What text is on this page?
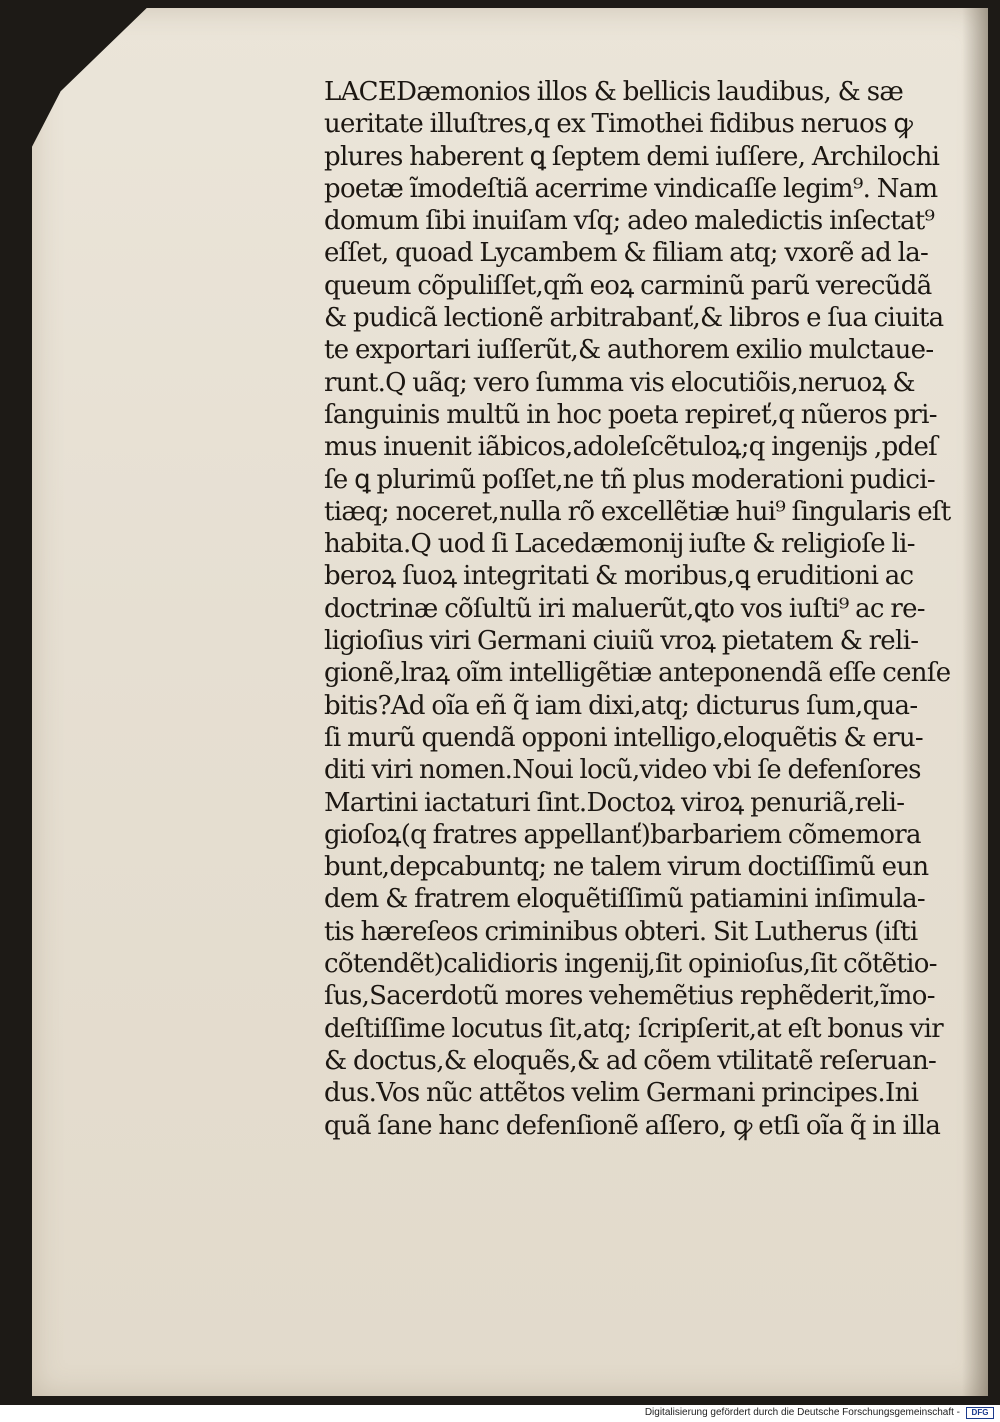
LACEDæmonios illos & bellicis laudibus, & sæ
ueritate illuſtres,q ex Timothei fidibus neruos ꝙ
plures haberent ꝗ ſeptem demi iuſſere, Archilochi
poetæ ĩmodeſtiã acerrime vindicaſſe legim⁹. Nam
domum ſibi inuiſam vſq; adeo maledictis inſectat⁹
eſſet, quoad Lycambem & filiam atq; vxorẽ ad la-
queum cõpuliſſet,qm̃ eoꝝ carminũ parũ verecũdã
& pudicã lectionẽ arbitrabanť,& libros e ſua ciuita
te exportari iuſſerũt,& authorem exilio mulctaue-
runt.Q uãq; vero ſumma vis elocutiõis,neruoꝝ &
ſanguinis multũ in hoc poeta repireť,q nũeros pri-
mus inuenit iãbicos,adoleſcẽtuloꝝ;q ingenĳs ,pdeſ
ſe ꝗ plurimũ poſſet,ne tñ plus moderationi pudici-
tiæq; noceret,nulla rõ excellẽtiæ hui⁹ ſingularis eſt
habita.Q uod ſi Lacedæmonĳ iuſte & religioſe li-
beroꝝ ſuoꝝ integritati & moribus,ꝗ eruditioni ac
doctrinæ cõſultũ iri maluerũt,ꝗto vos iuſti⁹ ac re-
ligioſius viri Germani ciuiũ vroꝝ pietatem & reli-
gionẽ,lraꝝ oĩm intelligẽtiæ anteponendã eſſe cenſe
bitis?Ad oĩa eñ q̃ iam dixi,atq; dicturus ſum,qua-
ſi murũ quendã opponi intelligo,eloquẽtis & eru-
diti viri nomen.Noui locũ,video vbi ſe defenſores
Martini iactaturi ſint.Doctoꝝ viroꝝ penuriã,reli-
gioſoꝝ(q fratres appellanť)barbariem cõmemora
bunt,depcabuntq; ne talem virum doctiſſimũ eun
dem & fratrem eloquẽtiſſimũ patiamini inſimula-
tis hæreſeos criminibus obteri. Sit Lutherus (iſti
cõtendẽt)calidioris ingenĳ,ſit opinioſus,ſit cõtẽtio-
ſus,Sacerdotũ mores vehemẽtius rephẽderit,ĩmo-
deſtiſſime locutus ſit,atq; ſcripſerit,at eſt bonus vir
& doctus,& eloquẽs,& ad cõem vtilitatẽ reſeruan-
dus.Vos nũc attẽtos velim Germani principes.Ini
quã ſane hanc defenſionẽ aſſero, ꝙ etſi oĩa q̃ in illa
Digitalisierung gefördert durch die Deutsche Forschungsgemeinschaft -	DFG
